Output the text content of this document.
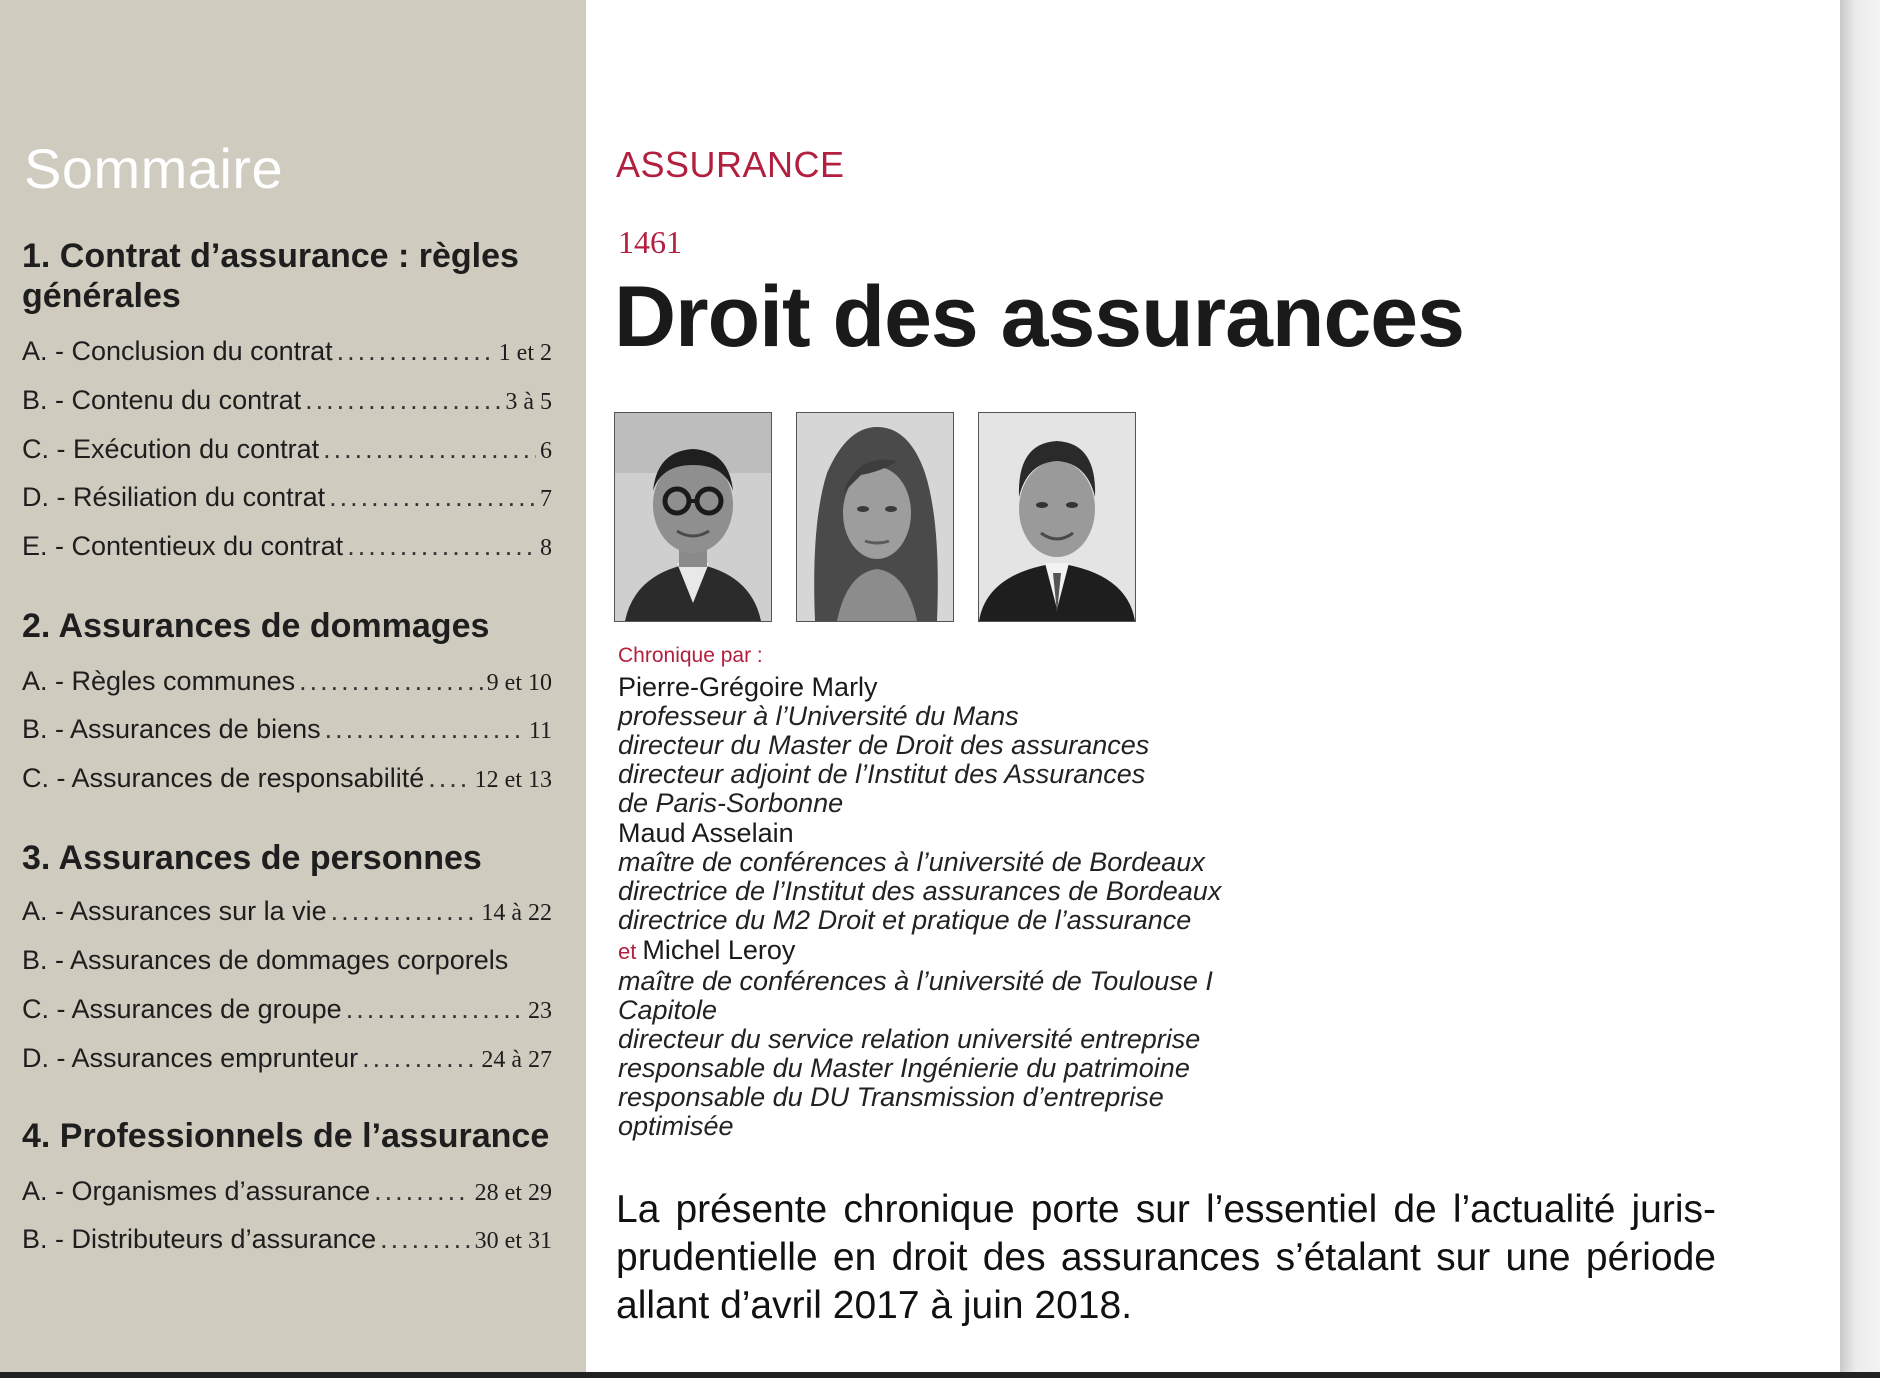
Sommaire
1. Contrat d’assurance : règles générales
A. - Conclusion du contrat .....	1 et 2
B. - Contenu du contrat .....	3 à 5
C. - Exécution du contrat .....	6
D. - Résiliation du contrat .....	7
E. - Contentieux du contrat .....	8
2. Assurances de dommages
A. - Règles communes .....	9 et 10
B. - Assurances de biens .....	11
C. - Assurances de responsabilité ..... 12 et 13
3. Assurances de personnes
A. - Assurances sur la vie .....	14 à 22
B. - Assurances de dommages corporels
C. - Assurances de groupe .....	23
D. - Assurances emprunteur .....	24 à 27
4. Professionnels de l’assurance
A. - Organismes d’assurance .....	28 et 29
B. - Distributeurs d’assurance .....	30 et 31
ASSURANCE
1461
Droit des assurances
Chronique par :
Pierre-Grégoire Marly
professeur à l’Université du Mans
directeur du Master de Droit des assurances
directeur adjoint de l’Institut des Assurances
de Paris-Sorbonne
Maud Asselain
maître de conférences à l’université de Bordeaux
directrice de l’Institut des assurances de Bordeaux
directrice du M2 Droit et pratique de l’assurance
et Michel Leroy
maître de conférences à l’université de Toulouse I
Capitole
directeur du service relation université entreprise
responsable du Master Ingénierie du patrimoine
responsable du DU Transmission d’entreprise
optimisée

La présente chronique porte sur l’essentiel de l’actualité juris-prudentielle en droit des assurances s’étalant sur une période allant d’avril 2017 à juin 2018.
